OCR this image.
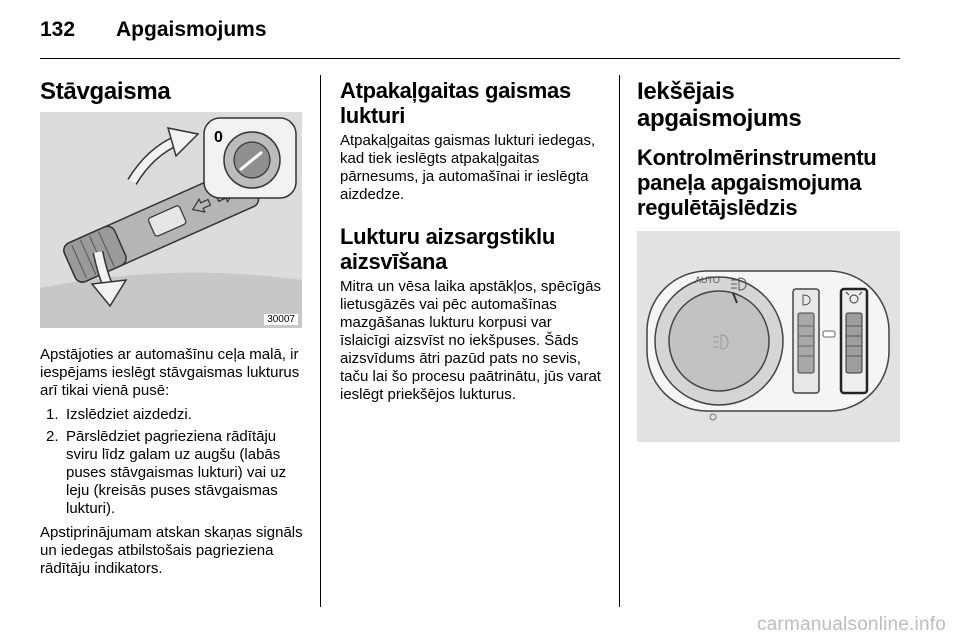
132 Apgaismojums
Stāvgaisma
0
30007

Apstājoties ar automašīnu ceļa malā, ir iespējams ieslēgt stāvgaismas lukturus arī tikai vienā pusē:

1. Izslēdziet aizdedzi.
2. Pārslēdziet pagrieziena rādītāju sviru līdz galam uz augšu (labās puses stāvgaismas lukturi) vai uz leju (kreisās puses stāvgaismas lukturi).

Apstiprinājumam atskan skaņas signāls un iedegas atbilstošais pagrieziena rādītāju indikators.

Atpakaļgaitas gaismas lukturi

Atpakaļgaitas gaismas lukturi iedegas, kad tiek ieslēgts atpakaļgaitas pārnesums, ja automašīnai ir ieslēgta aizdedze.

Lukturu aizsargstiklu aizsvīšana

Mitra un vēsa laika apstākļos, spēcīgās lietusgāzēs vai pēc automašīnas mazgāšanas lukturu korpusi var īslaicīgi aizsvīst no iekšpuses. Šāds aizsvīdums ātri pazūd pats no sevis, taču lai šo procesu paātrinātu, jūs varat ieslēgt priekšējos lukturus.

Iekšējais apgaismojums
Kontrolmērinstrumentu paneļa apgaismojuma regulētājslēdzis
AUTO
carmanualsonline.info
